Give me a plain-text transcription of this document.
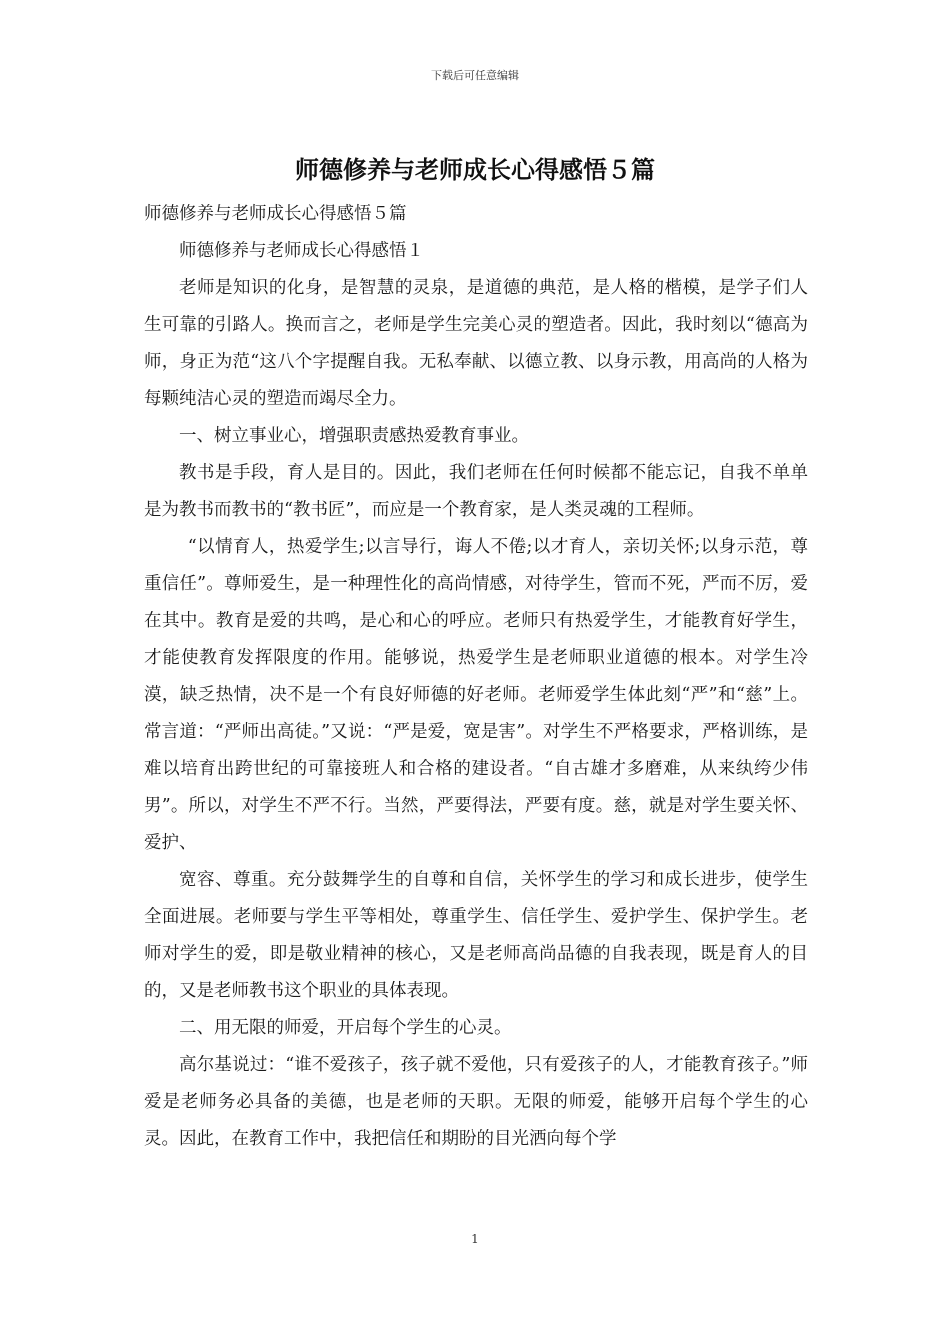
下载后可任意编辑
师德修养与老师成长心得感悟５篇

师德修养与老师成长心得感悟５篇

师德修养与老师成长心得感悟１

老师是知识的化身，是智慧的灵泉，是道德的典范，是人格的楷模，是学子们人生可靠的引路人。换而言之，老师是学生完美心灵的塑造者。因此，我时刻以“德高为师，身正为范“这八个字提醒自我。无私奉献、以德立教、以身示教，用高尚的人格为每颗纯洁心灵的塑造而竭尽全力。

一、树立事业心，增强职责感热爱教育事业。

教书是手段，育人是目的。因此，我们老师在任何时候都不能忘记，自我不单单是为教书而教书的“教书匠”，而应是一个教育家，是人类灵魂的工程师。

“以情育人，热爱学生;以言导行，诲人不倦;以才育人，亲切关怀;以身示范，尊重信任”。尊师爱生，是一种理性化的高尚情感，对待学生，管而不死，严而不厉，爱在其中。教育是爱的共鸣，是心和心的呼应。老师只有热爱学生，才能教育好学生，才能使教育发挥限度的作用。能够说，热爱学生是老师职业道德的根本。对学生冷漠，缺乏热情，决不是一个有良好师德的好老师。老师爱学生体此刻“严”和“慈”上。常言道：“严师出高徒。”又说：“严是爱，宽是害”。对学生不严格要求，严格训练，是难以培育出跨世纪的可靠接班人和合格的建设者。“自古雄才多磨难，从来纨绔少伟男”。所以，对学生不严不行。当然，严要得法，严要有度。慈，就是对学生要关怀、爱护、

宽容、尊重。充分鼓舞学生的自尊和自信，关怀学生的学习和成长进步，使学生全面进展。老师要与学生平等相处，尊重学生、信任学生、爱护学生、保护学生。老师对学生的爱，即是敬业精神的核心，又是老师高尚品德的自我表现，既是育人的目的，又是老师教书这个职业的具体表现。

二、用无限的师爱，开启每个学生的心灵。

高尔基说过：“谁不爱孩子，孩子就不爱他，只有爱孩子的人，才能教育孩子。”师爱是老师务必具备的美德，也是老师的天职。无限的师爱，能够开启每个学生的心灵。因此，在教育工作中，我把信任和期盼的目光洒向每个学

1
